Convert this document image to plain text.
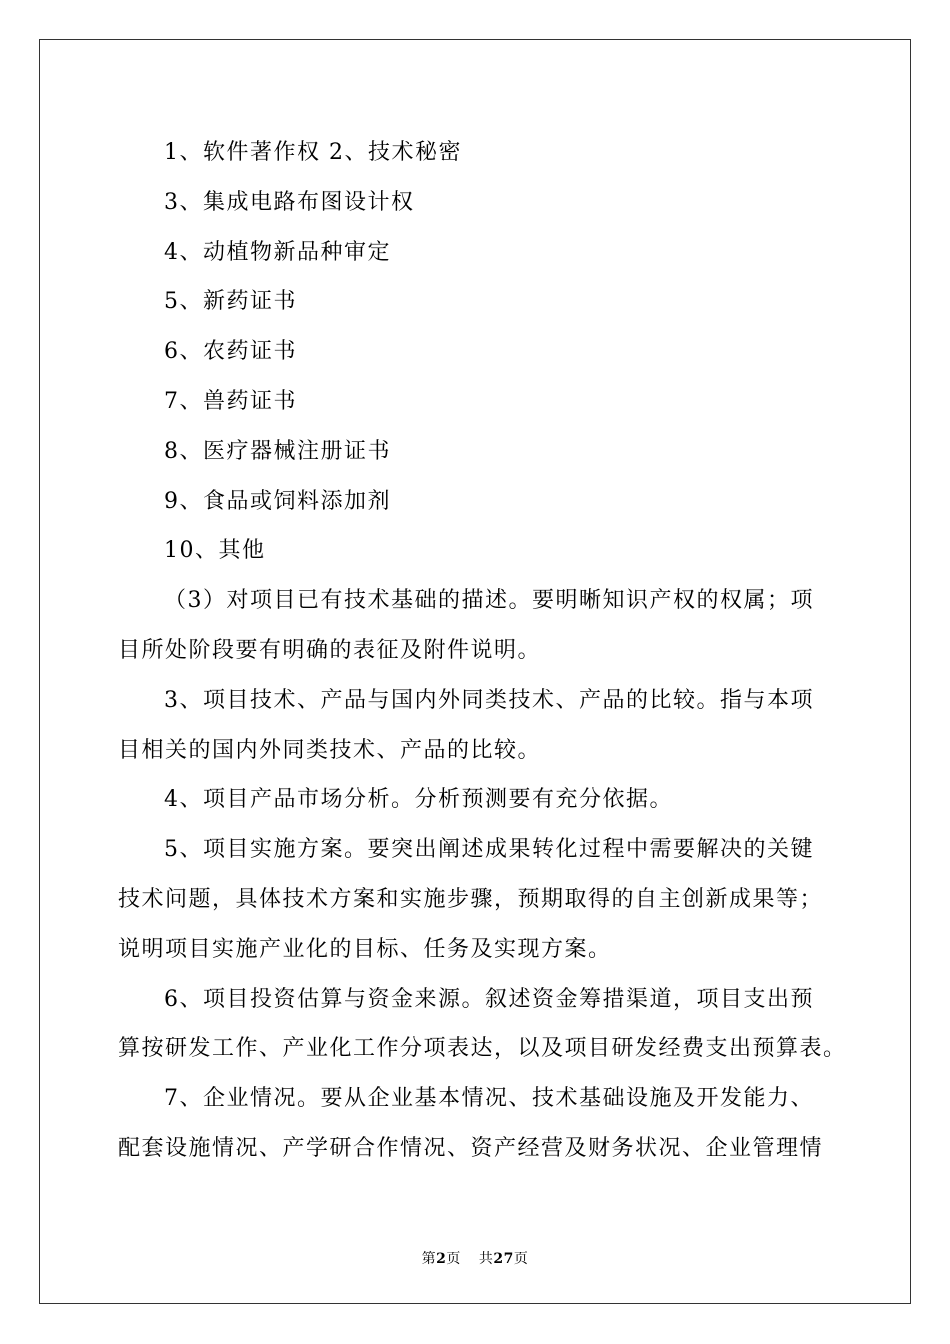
1、软件著作权 2、技术秘密
3、集成电路布图设计权
4、动植物新品种审定
5、新药证书
6、农药证书
7、兽药证书
8、医疗器械注册证书
9、食品或饲料添加剂
10、其他
（3）对项目已有技术基础的描述。要明晰知识产权的权属；项
目所处阶段要有明确的表征及附件说明。
3、项目技术、产品与国内外同类技术、产品的比较。指与本项
目相关的国内外同类技术、产品的比较。
4、项目产品市场分析。分析预测要有充分依据。
5、项目实施方案。要突出阐述成果转化过程中需要解决的关键
技术问题，具体技术方案和实施步骤，预期取得的自主创新成果等；
说明项目实施产业化的目标、任务及实现方案。
6、项目投资估算与资金来源。叙述资金筹措渠道，项目支出预
算按研发工作、产业化工作分项表达，以及项目研发经费支出预算表。
7、企业情况。要从企业基本情况、技术基础设施及开发能力、
配套设施情况、产学研合作情况、资产经营及财务状况、企业管理情
第2页 共27页
